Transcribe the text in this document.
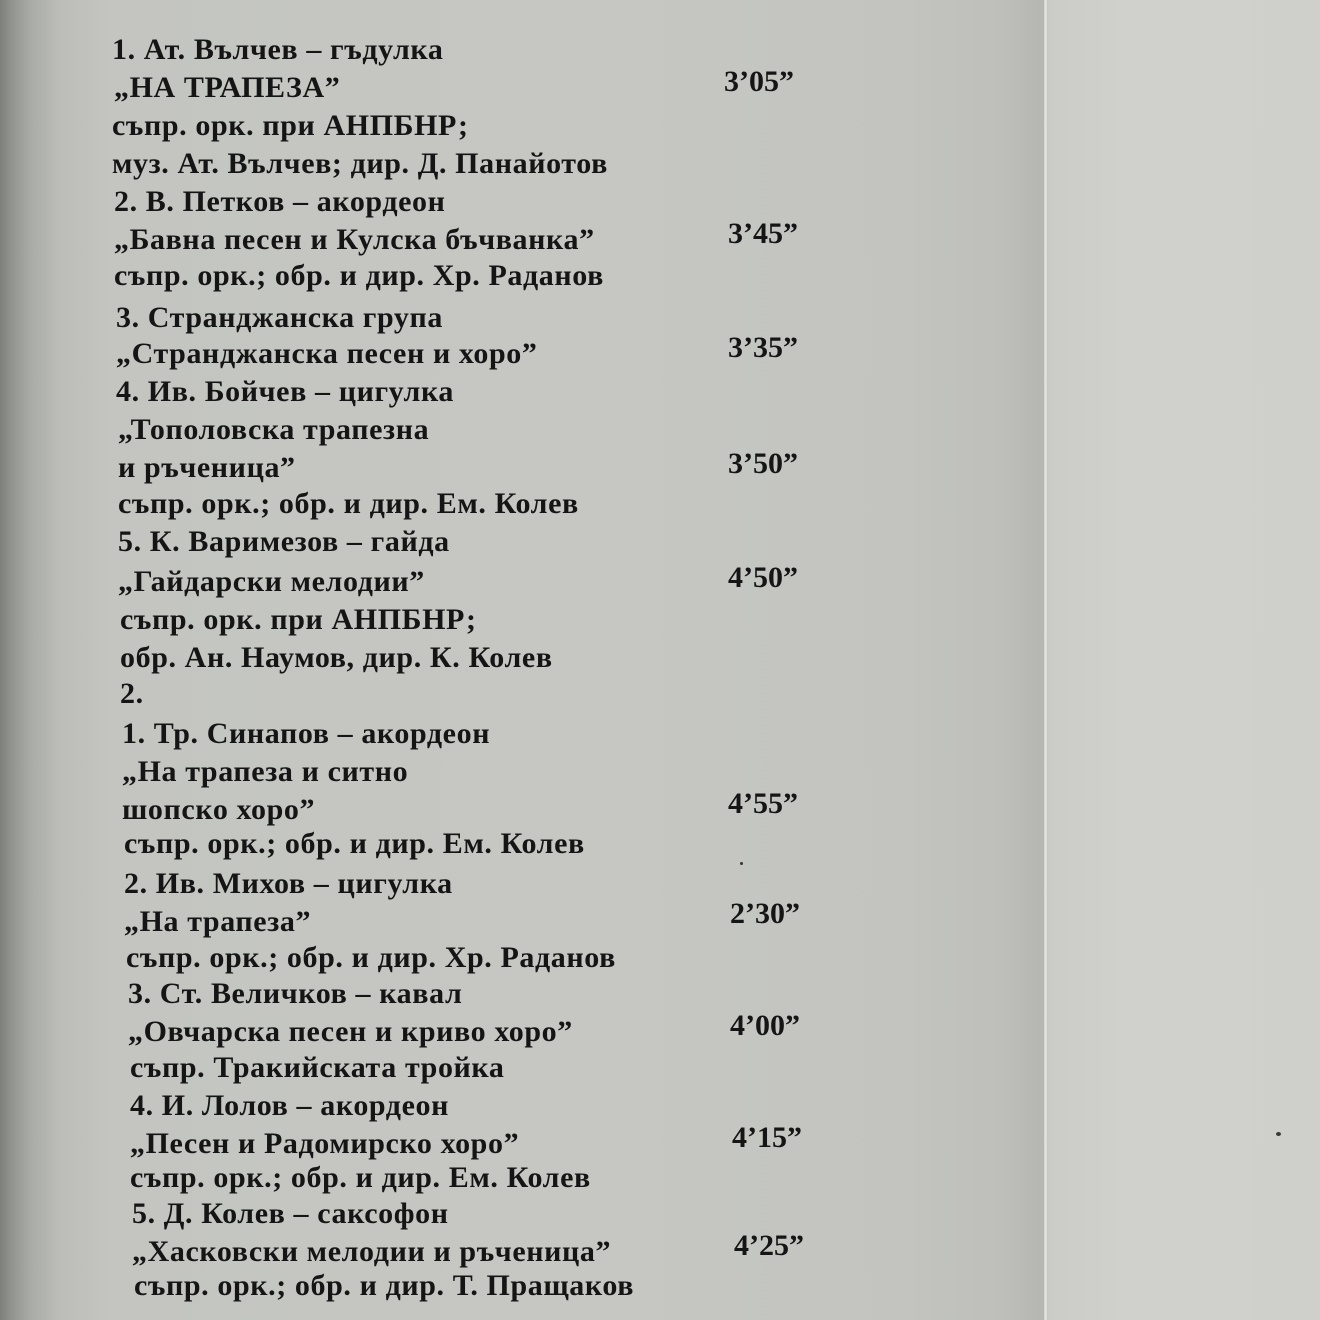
1. Ат. Вълчев – гъдулка
„НА ТРАПЕЗА”	3’05”
съпр. орк. при АНПБНР;
муз. Ат. Вълчев; дир. Д. Панайотов
2. В. Петков – акордеон
„Бавна песен и Кулска бъчванка”	3’45”
съпр. орк.; обр. и дир. Хр. Раданов
3. Странджанска група
„Странджанска песен и хоро”	3’35”
4. Ив. Бойчев – цигулка
„Тополовска трапезна
и ръченица”	3’50”
съпр. орк.; обр. и дир. Ем. Колев
5. К. Варимезов – гайда
„Гайдарски мелодии”	4’50”
съпр. орк. при АНПБНР;
обр. Ан. Наумов, дир. К. Колев
2.
1. Тр. Синапов – акордеон
„На трапеза и ситно
шопско хоро”	4’55”
съпр. орк.; обр. и дир. Ем. Колев
2. Ив. Михов – цигулка
„На трапеза”	2’30”
съпр. орк.; обр. и дир. Хр. Раданов
3. Ст. Величков – кавал
„Овчарска песен и криво хоро”	4’00”
съпр. Тракийската тройка
4. И. Лолов – акордеон
„Песен и Радомирско хоро”	4’15”
съпр. орк.; обр. и дир. Ем. Колев
5. Д. Колев – саксофон
„Хасковски мелодии и ръченица”	4’25”
съпр. орк.; обр. и дир. Т. Пращаков
